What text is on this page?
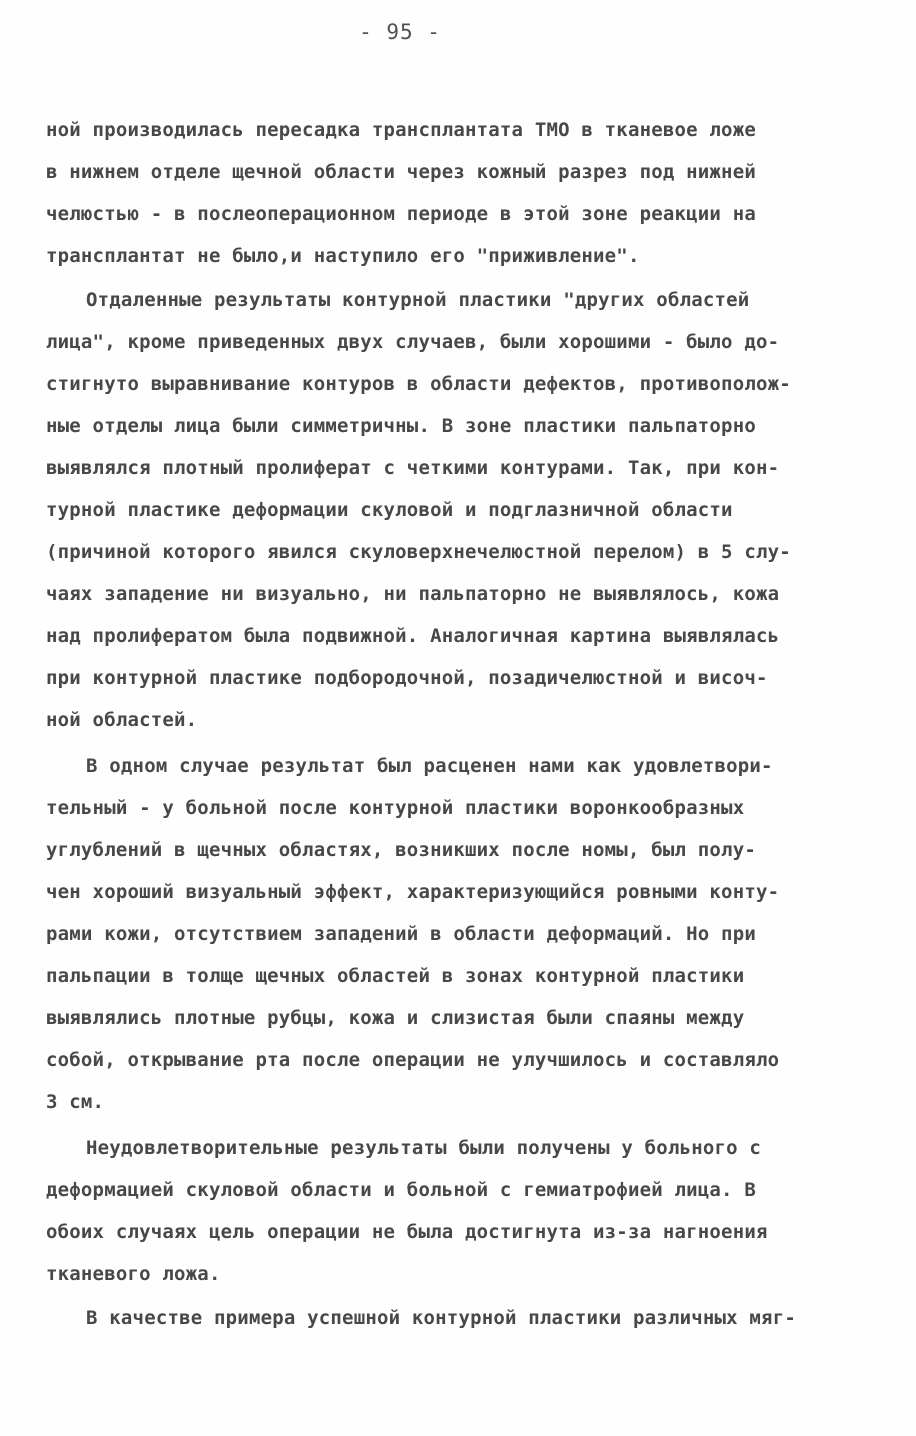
- 95 -
ной производилась пересадка трансплантата ТМО в тканевое ложе
в нижнем отделе щечной области через кожный разрез под нижней
челюстью - в послеоперационном периоде в этой зоне реакции на
трансплантат не было,и наступило его "приживление".
Отдаленные результаты контурной пластики "других областей
лица", кроме приведенных двух случаев, были хорошими - было до-
стигнуто выравнивание контуров в области дефектов, противополож-
ные отделы лица были симметричны. В зоне пластики пальпаторно
выявлялся плотный пролиферат с четкими контурами. Так, при кон-
турной пластике деформации скуловой и подглазничной области
(причиной которого явился скуловерхнечелюстной перелом) в 5 слу-
чаях западение ни визуально, ни пальпаторно не выявлялось, кожа
над пролифератом была подвижной. Аналогичная картина выявлялась
при контурной пластике подбородочной, позадичелюстной и височ-
ной областей.
В одном случае результат был расценен нами как удовлетвори-
тельный - у больной после контурной пластики воронкообразных
углублений в щечных областях, возникших после номы, был полу-
чен хороший визуальный эффект, характеризующийся ровными конту-
рами кожи, отсутствием западений в области деформаций. Но при
пальпации в толще щечных областей в зонах контурной пластики
выявлялись плотные рубцы, кожа и слизистая были спаяны между
собой, открывание рта после операции не улучшилось и составляло
3 см.
Неудовлетворительные результаты были получены у больного с
деформацией скуловой области и больной с гемиатрофией лица. В
обоих случаях цель операции не была достигнута из-за нагноения
тканевого ложа.
В качестве примера успешной контурной пластики различных мяг-
